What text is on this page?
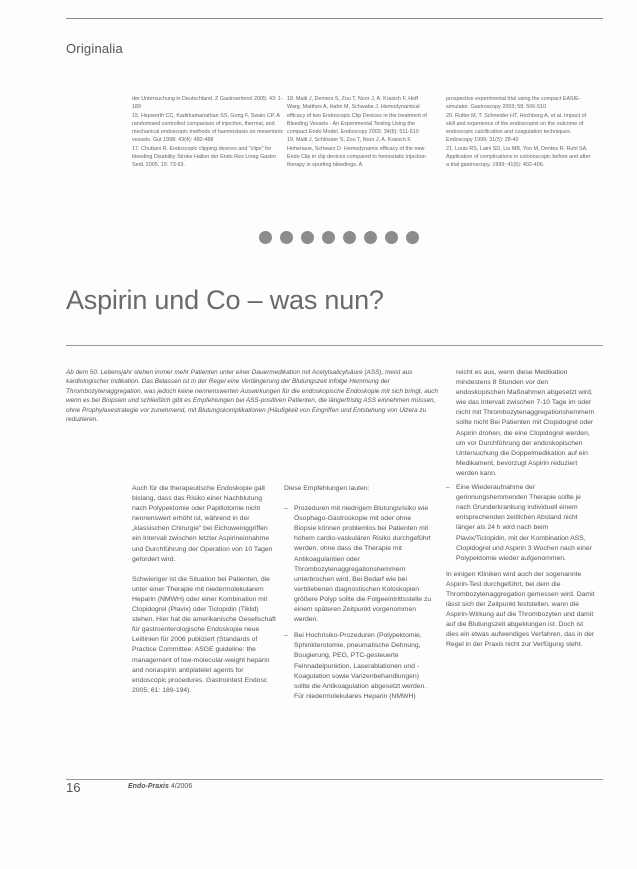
Originalia

der Untersuchung in Deutschland. Z Gastroenterol 2005; 43: 1-189

15. Hepworth CC, Kadirkamanathan SS, Gong F, Swain CP. A randomised controlled comparison of injection, thermal, and mechanical endoscopic methods of haemostasis on mesenteric vessels. Gut 1998; 43(4): 482-488

17. Chuttani R. Endoscopic clipping devices and "clips" for bleeding Disability Stroke Hallen der Endo Res Lineg Gastro Sedl. 2005. 15: 73-93.

18. Maiti J, Demers S, Zou T, Noor J, A. Kraisch F, Hoff Warg, Matthes A, Hahn M, Schwabe J. Hemodynamical efficacy of two Endoscopic Clip Devices in the treatment of Bleeding Vessels - An Experimental Testing Using the compact Endo Model. Endoscopy 2002; 34(6): 511-510

19. Maiti J, Schlösser S, Zou T, Noor J, A. Kraisch F, Hohenaue, Schwarz D. Hemodynamic efficacy of the new Endo Clip in clip devices compared to hemostatic injection therapy in spurting bleedings. A

prospective experimental trial using the compact EASIE-simulator. Gastroscopy 2003; 58: 506-510

20. Rutter M, T. Schneider HT, Hochberg A, et al. Impact of skill and experience of the endoscopist on the outcome of endoscopic calcification and coagulation techniques. Endoscopy 1999; 31(5): 28-40

21. Louis RS, Laini SD, Liu MB, Yoo M, Dentes R, Ruhl SA. Application of complications in colonoscopic before and after a trial gastroscopy. 1999; 41(5): 402-406.

Aspirin und Co – was nun?
Ab dem 50. Lebensjahr stehen immer mehr Patienten unter einer Dauermedikation mit Acetylsalicylsäure (ASS), meist aus kardiologischer Indikation. Das Belassen ist in der Regel eine Verlängerung der Blutungszeit infolge Hemmung der Thrombozytenaggregation, was jedoch keine nennenswerten Auswirkungen für die endoskopische Endoskopie mit sich bringt, auch wenn es bei Biopsien und schließlich gibt es Empfehlungen bei ASS-positiven Patienten, die längerfristig ASS einnehmen müssen, ohne Prophylaxestrategie vor zunehmend, mit Blutungskomplikationen (Häufigkeit von Eingriffen und Entstehung von Ulzera zu reduzieren.

Auch für die therapeutische Endoskopie galt bislang, dass das Risiko einer Nachblutung nach Polypektomie oder Papillotomie nicht nennenswert erhöht ist, während in der „klassischen Chirurgie" bei Eichoweinggriffen ein Intervall zwischen letzter Aspirineinnahme und Durchführung der Operation von 10 Tagen gefordert wird.

Schwieriger ist die Situation bei Patienten, die unter einer Therapie mit niedermolekularem Heparin (NMWH) oder einer Kombination mit Clopidogrel (Plavix) oder Ticlopidin (Tiklid) stehen. Hier hat die amerikanische Gesellschaft für gastroenterologische Endoskopie neue Leitlinien für 2006 publiziert (Standards of Practice Committee: ASGE guideline: the management of low-molecular-weight heparin and nonaspirin antiplatelet agents for endoscopic procedures. Gastrointest Endosc 2005; 61: 189-194).

Diese Empfehlungen lauten:

– Prozeduren mit niedrigem Blutungsrisiko wie Ösophago-Gastroskopie mit oder ohne Biopsie können problemlos bei Patienten mit hohem cardio-vaskulären Risiko durchgeführt werden, ohne dass die Therapie mit Antikoagulantien oder Thrombozytenaggregationshemmern unterbrochen wird. Bei Bedarf wie bei verbliebenen diagnostischen Koloskopien größere Polyp sollte die Folgeeintrittsstelle zu einem späteren Zeitpunkt vorgenommen werden.
– Bei Hochrisiko-Prozeduren (Polypektomie, Sphinkterotomie, pneumatische Dehnung, Bougierung, PEG, PTC-gesteuerte Feinnadelpunktion, Laserablationen und -Koagulation sowie Varizenbehandlungen) sollte die Antikoagulation abgesetzt werden. Für niedermolekulares Heparin (NMWH)

reicht es aus, wenn diese Medikation mindestens 8 Stunden vor den endoskopischen Maßnahmen abgesetzt wird, wie das Intervall zwischen 7-10 Tage im oder nicht mit Thrombozytenaggregationshemmern sollte nicht Bei Patienten mit Clopidogrel oder Aspirin drohen, die eine Clopidogrel werden, um vor Durchführung der endoskopischen Untersuchung die Doppelmedikation auf ein Medikament, bevorzugt Aspirin reduziert werden kann.

– Eine Wiederaufnahme der gerinnungshemmenden Therapie sollte je nach Grunderkrankung individuell einem entsprechenden zeitlichen Abstand nicht länger als 24 h wird nach beim Plavix/Ticlopidin, mit der Kombination ASS, Clopidogrel und Aspirin 3 Wochen nach einer Polypektomie wieder aufgenommen.

In einigen Kliniken wird auch der sogenannte Aspirin-Test durchgeführt, bei dem die Thrombozytenaggregation gemessen wird. Damit lässt sich der Zeitpunkt feststellen, wann die Aspirin-Wirkung auf die Thrombozyten und damit auf die Blutungszeit abgeklungen ist. Doch ist dies ein etwas aufwendiges Verfahren, das in der Regel in der Praxis nicht zur Verfügung steht.

16	Endo-Praxis 4/2006
